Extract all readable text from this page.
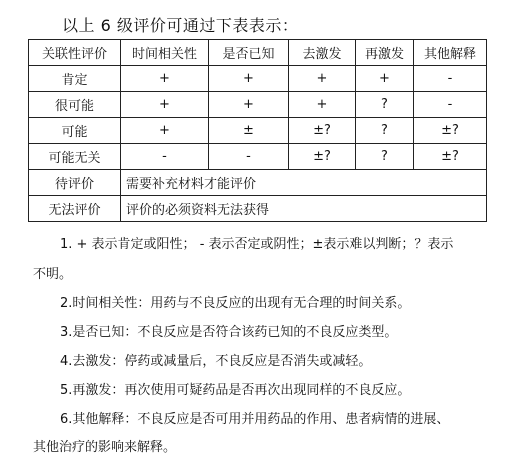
以上 6 级评价可通过下表表示：
关联性评价	时间相关性	是否已知	去激发	再激发	其他解释
肯定	+	+	+	+	-
很可能	+	+	+	?	-
可能	+	±	±?	?	±?
可能无关	-	-	±?	?	±?
待评价	需要补充材料才能评价				
无法评价	评价的必须资料无法获得				
1. + 表示肯定或阳性； - 表示否定或阴性；±表示难以判断；？表示
不明。
2.时间相关性：用药与不良反应的出现有无合理的时间关系。
3.是否已知：不良反应是否符合该药已知的不良反应类型。
4.去激发：停药或减量后，不良反应是否消失或减轻。
5.再激发：再次使用可疑药品是否再次出现同样的不良反应。
6.其他解释：不良反应是否可用并用药品的作用、患者病情的进展、
其他治疗的影响来解释。
